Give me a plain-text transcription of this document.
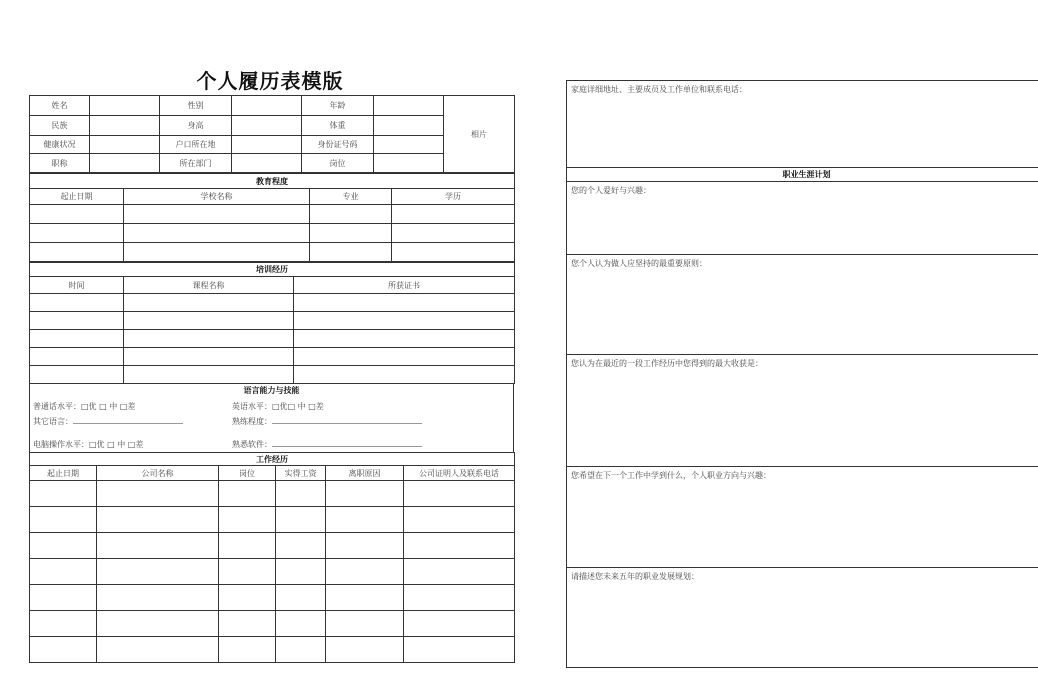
个人履历表模版
姓名		性别		年龄		相片
民族		身高		体重		
健康状况		户口所在地		身份证号码		
职称		所在部门		岗位		
教育程度			
起止日期	学校名称	专业	学历

培训经历		
时间	课程名称	所获证书

语言能力与技能
普通话水平：□优 □ 中 □差	英语水平：□优□ 中 □差
其它语言：	熟练程度：
电脑操作水平：□优 □ 中 □差	熟悉软件：
工作经历					
起止日期	公司名称	岗位	实得工资	离职原因	公司证明人及联系电话

家庭详细地址、主要成员及工作单位和联系电话：
职业生涯计划
您的个人爱好与兴趣：
您个人认为做人应坚持的最重要原则：
您认为在最近的一段工作经历中您得到的最大收获是：
您希望在下一个工作中学到什么，个人职业方向与兴趣：
请描述您未来五年的职业发展规划：
